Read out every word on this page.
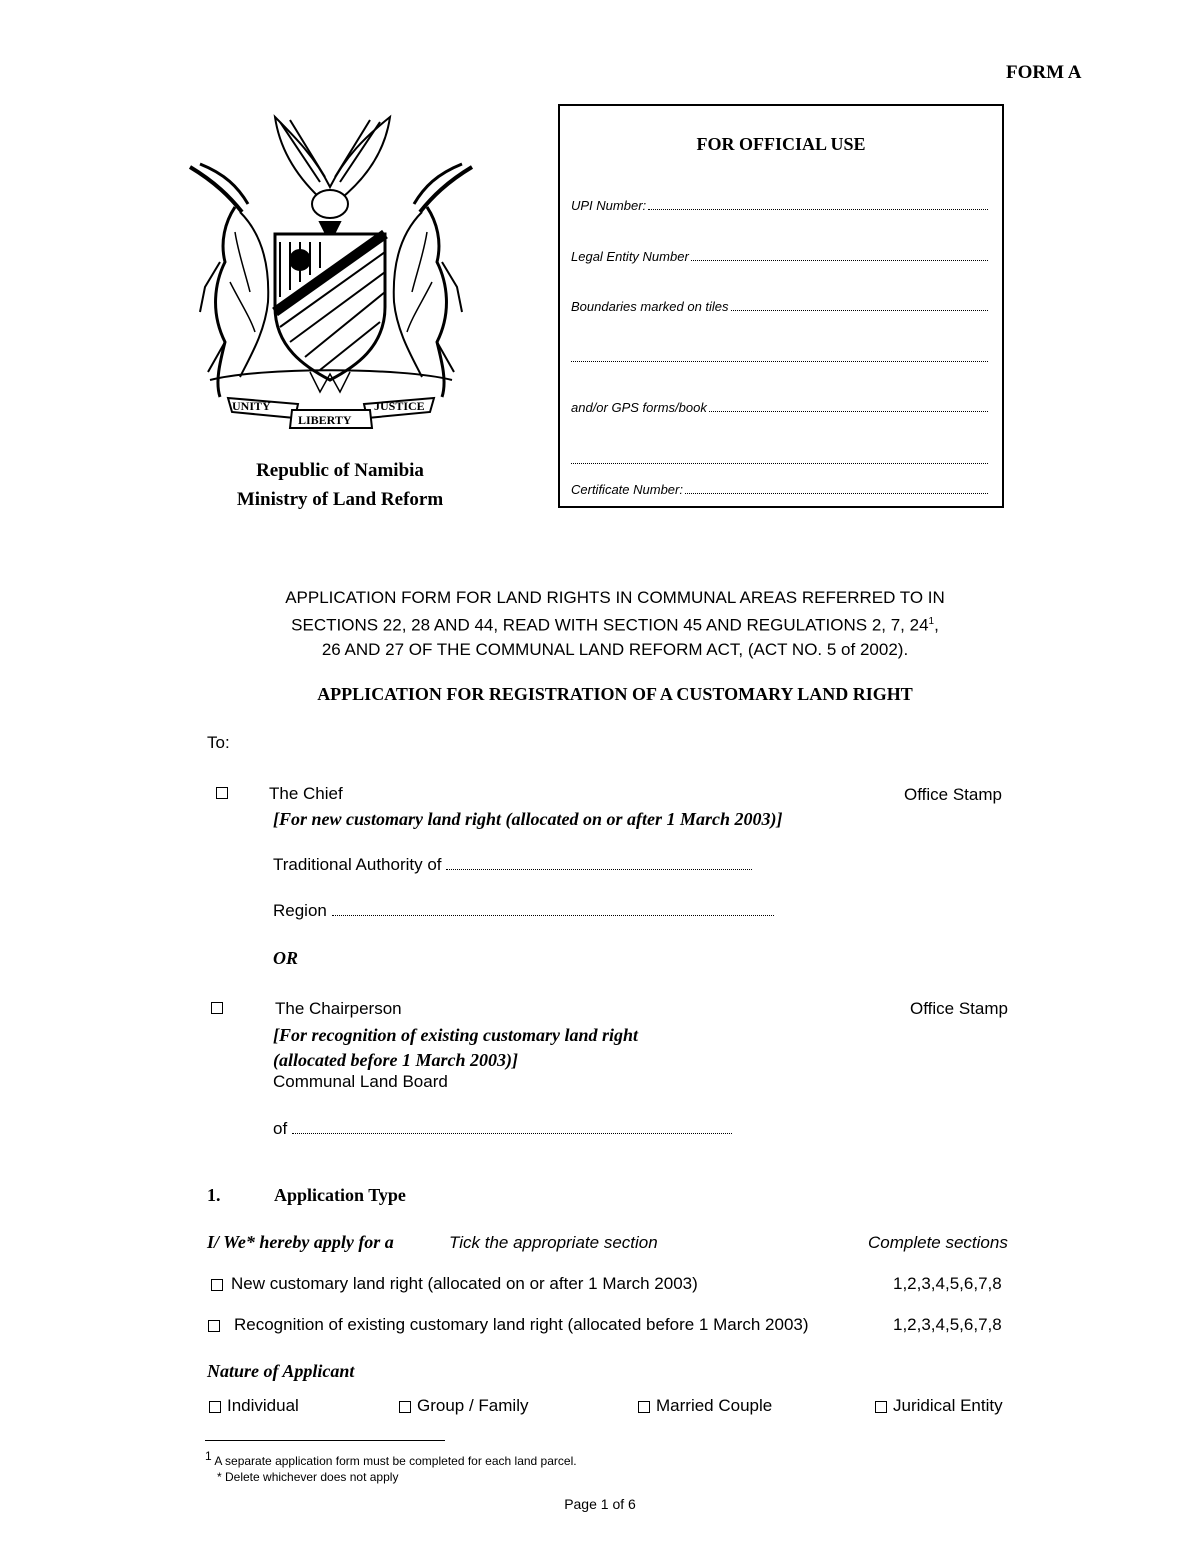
FORM A
UNITY	JUSTICE
LIBERTY
Republic of Namibia
Ministry of Land Reform
FOR OFFICIAL USE
UPI Number:
Legal Entity Number
Boundaries marked on tiles
and/or GPS forms/book
Certificate Number:
APPLICATION FORM FOR LAND RIGHTS IN COMMUNAL AREAS REFERRED TO IN
SECTIONS 22, 28 AND 44, READ WITH SECTION 45 AND REGULATIONS 2, 7, $24^1$,
26 AND 27 OF THE COMMUNAL LAND REFORM ACT, (ACT NO. 5 of 2002).
APPLICATION FOR REGISTRATION OF A CUSTOMARY LAND RIGHT
To:
The Chief	Office Stamp
[For new customary land right (allocated on or after 1 March 2003)]
Traditional Authority of
Region
OR
The Chairperson	Office Stamp
[For recognition of existing customary land right
(allocated before 1 March 2003)]
Communal Land Board
of
1.	Application Type
I/ We* hereby apply for a	Tick the appropriate section	Complete sections
New customary land right (allocated on or after 1 March 2003)	1,2,3,4,5,6,7,8
Recognition of existing customary land right (allocated before 1 March 2003)	1,2,3,4,5,6,7,8
Nature of Applicant
Individual	Group / Family	Married Couple	Juridical Entity
$^1$ A separate application form must be completed for each land parcel.
* Delete whichever does not apply
Page 1 of 6
